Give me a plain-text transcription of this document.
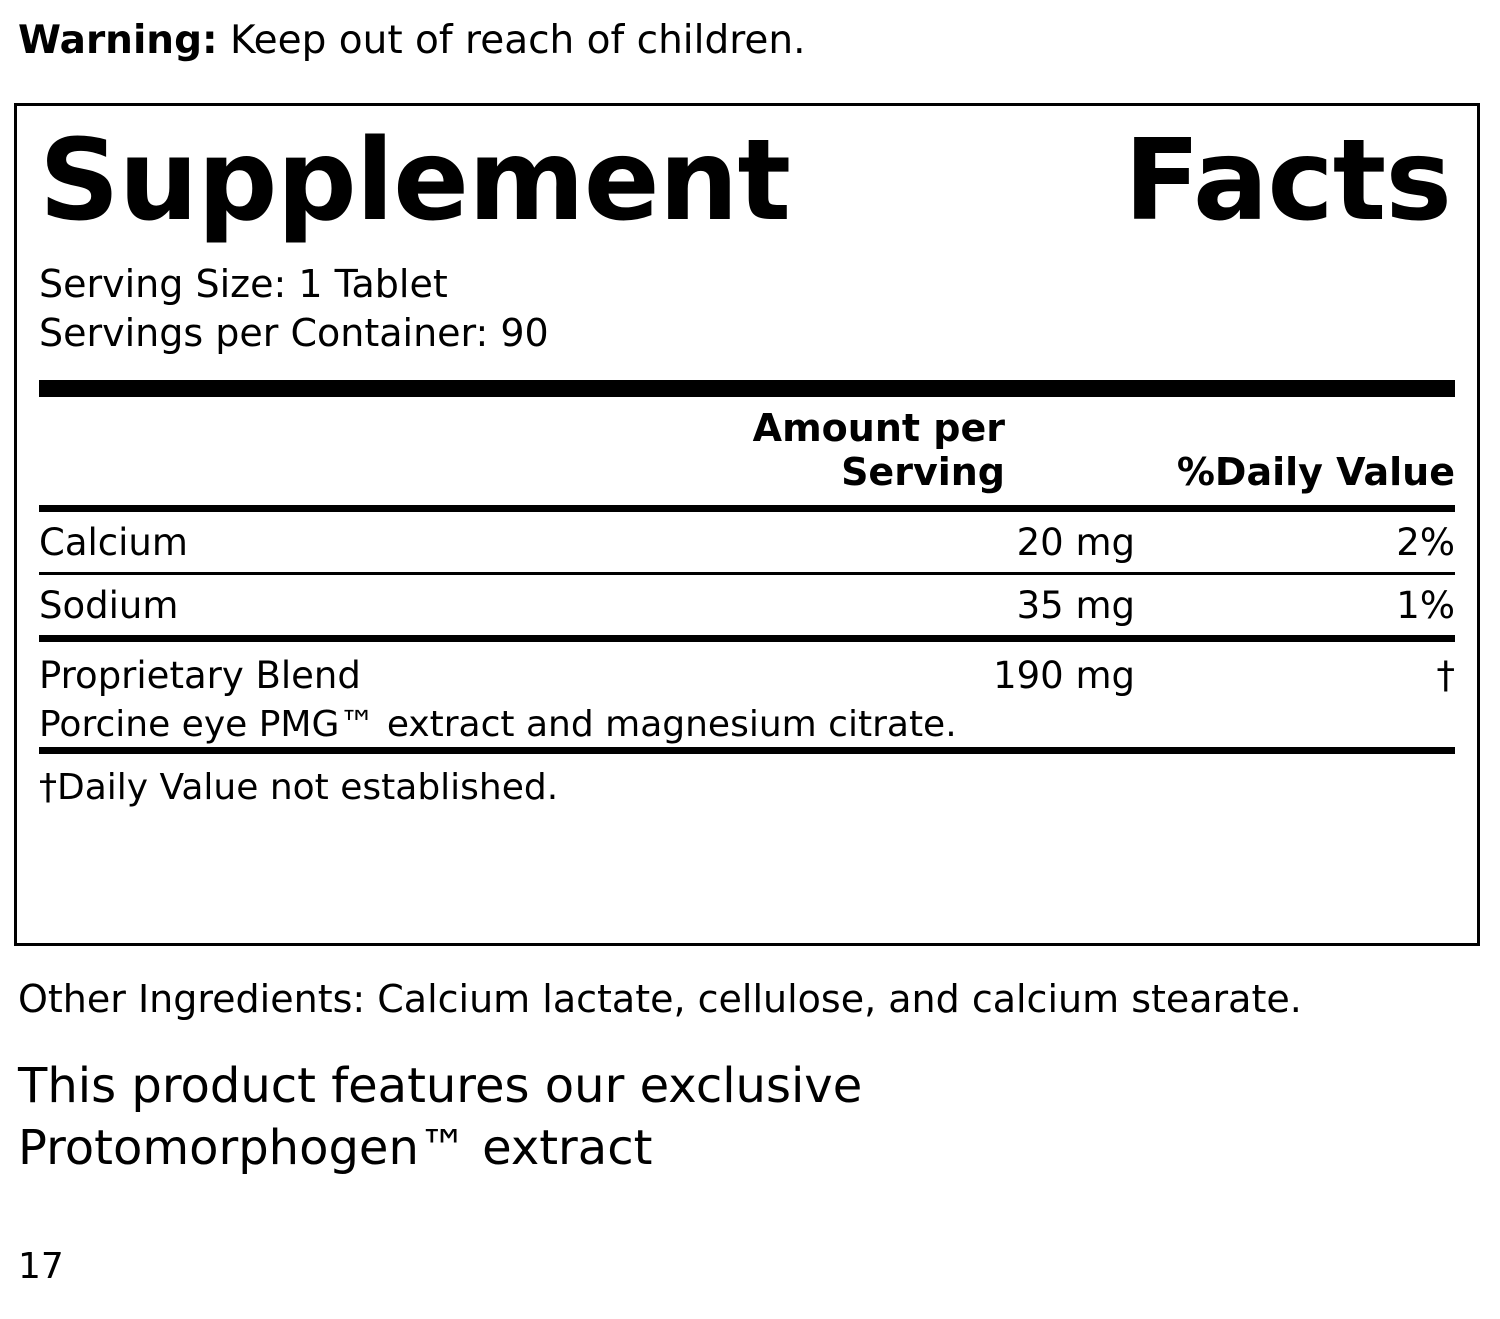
Warning: Keep out of reach of children.
Supplement	Facts
Serving Size: 1 Tablet
Servings per Container: 90
	Amount per Serving	%Daily Value
Calcium	20 mg	2%

Sodium	35 mg	1%
Proprietary Blend	190 mg	†
Porcine eye PMG™ extract and magnesium citrate.
†Daily Value not established.
Other Ingredients: Calcium lactate, cellulose, and calcium stearate.
This product features our exclusive Protomorphogen™ extract
17
